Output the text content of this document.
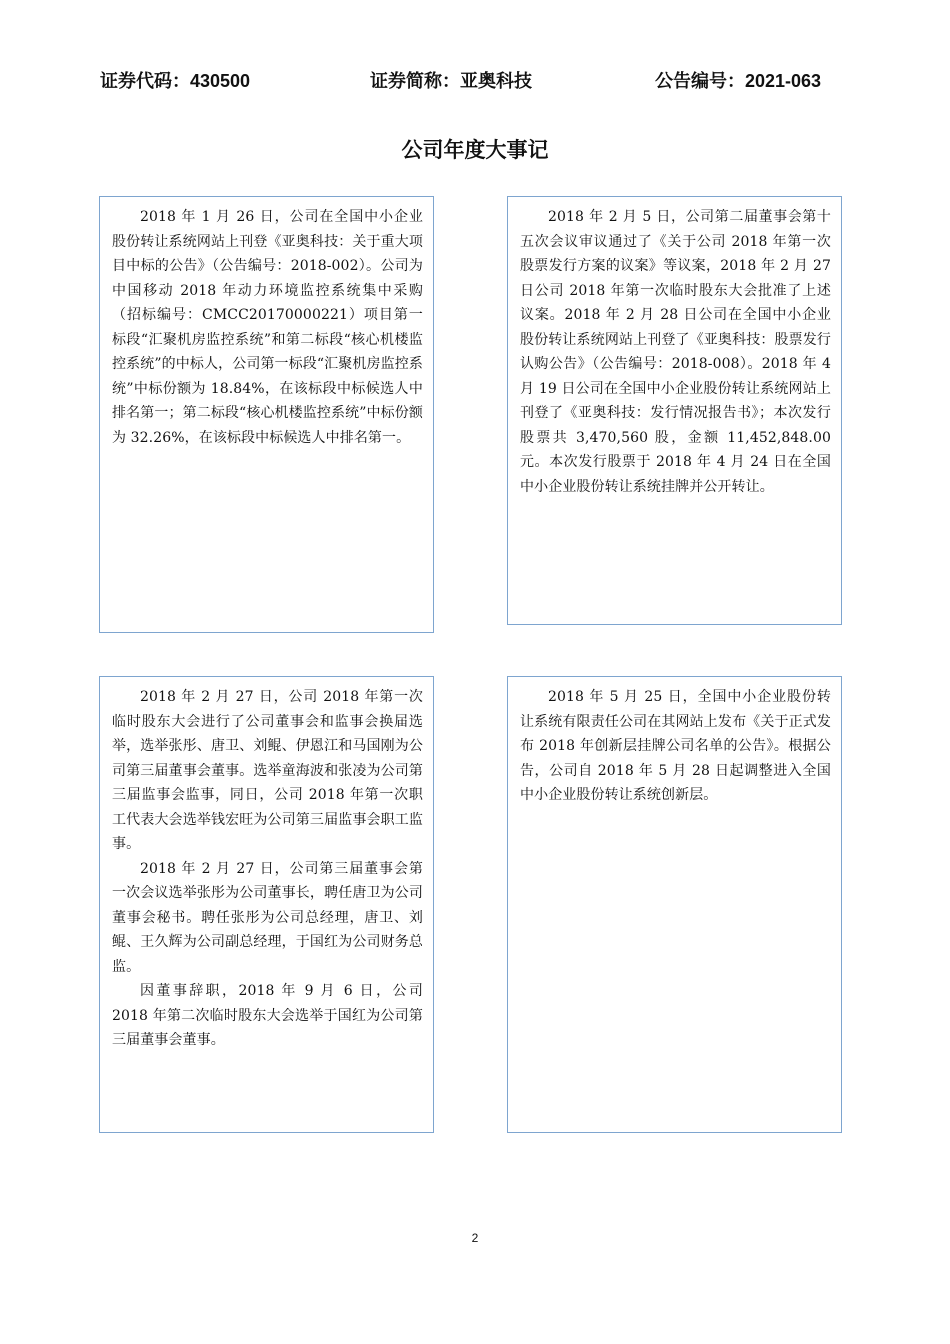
证券代码：430500	证券简称：亚奥科技	公告编号：2021-063
公司年度大事记

2018 年 1 月 26 日，公司在全国中小企业股份转让系统网站上刊登《亚奥科技：关于重大项目中标的公告》（公告编号：2018-002）。公司为中国移动 2018 年动力环境监控系统集中采购（招标编号：CMCC20170000221）项目第一标段“汇聚机房监控系统”和第二标段“核心机楼监控系统”的中标人，公司第一标段“汇聚机房监控系统”中标份额为 18.84%，在该标段中标候选人中排名第一；第二标段“核心机楼监控系统”中标份额为 32.26%，在该标段中标候选人中排名第一。

2018 年 2 月 5 日，公司第二届董事会第十五次会议审议通过了《关于公司 2018 年第一次股票发行方案的议案》等议案，2018 年 2 月 27 日公司 2018 年第一次临时股东大会批准了上述议案。2018 年 2 月 28 日公司在全国中小企业股份转让系统网站上刊登了《亚奥科技：股票发行认购公告》（公告编号：2018-008）。2018 年 4 月 19 日公司在全国中小企业股份转让系统网站上刊登了《亚奥科技：发行情况报告书》；本次发行股票共 3,470,560 股，金额 11,452,848.00 元。本次发行股票于 2018 年 4 月 24 日在全国中小企业股份转让系统挂牌并公开转让。

2018 年 2 月 27 日，公司 2018 年第一次临时股东大会进行了公司董事会和监事会换届选举，选举张彤、唐卫、刘鲲、伊恩江和马国刚为公司第三届董事会董事。选举童海波和张凌为公司第三届监事会监事，同日，公司 2018 年第一次职工代表大会选举钱宏旺为公司第三届监事会职工监事。

2018 年 2 月 27 日，公司第三届董事会第一次会议选举张彤为公司董事长，聘任唐卫为公司董事会秘书。聘任张彤为公司总经理，唐卫、刘鲲、王久辉为公司副总经理，于国红为公司财务总监。

因董事辞职，2018 年 9 月 6 日，公司 2018 年第二次临时股东大会选举于国红为公司第三届董事会董事。

2018 年 5 月 25 日，全国中小企业股份转让系统有限责任公司在其网站上发布《关于正式发布 2018 年创新层挂牌公司名单的公告》。根据公告，公司自 2018 年 5 月 28 日起调整进入全国中小企业股份转让系统创新层。

2
